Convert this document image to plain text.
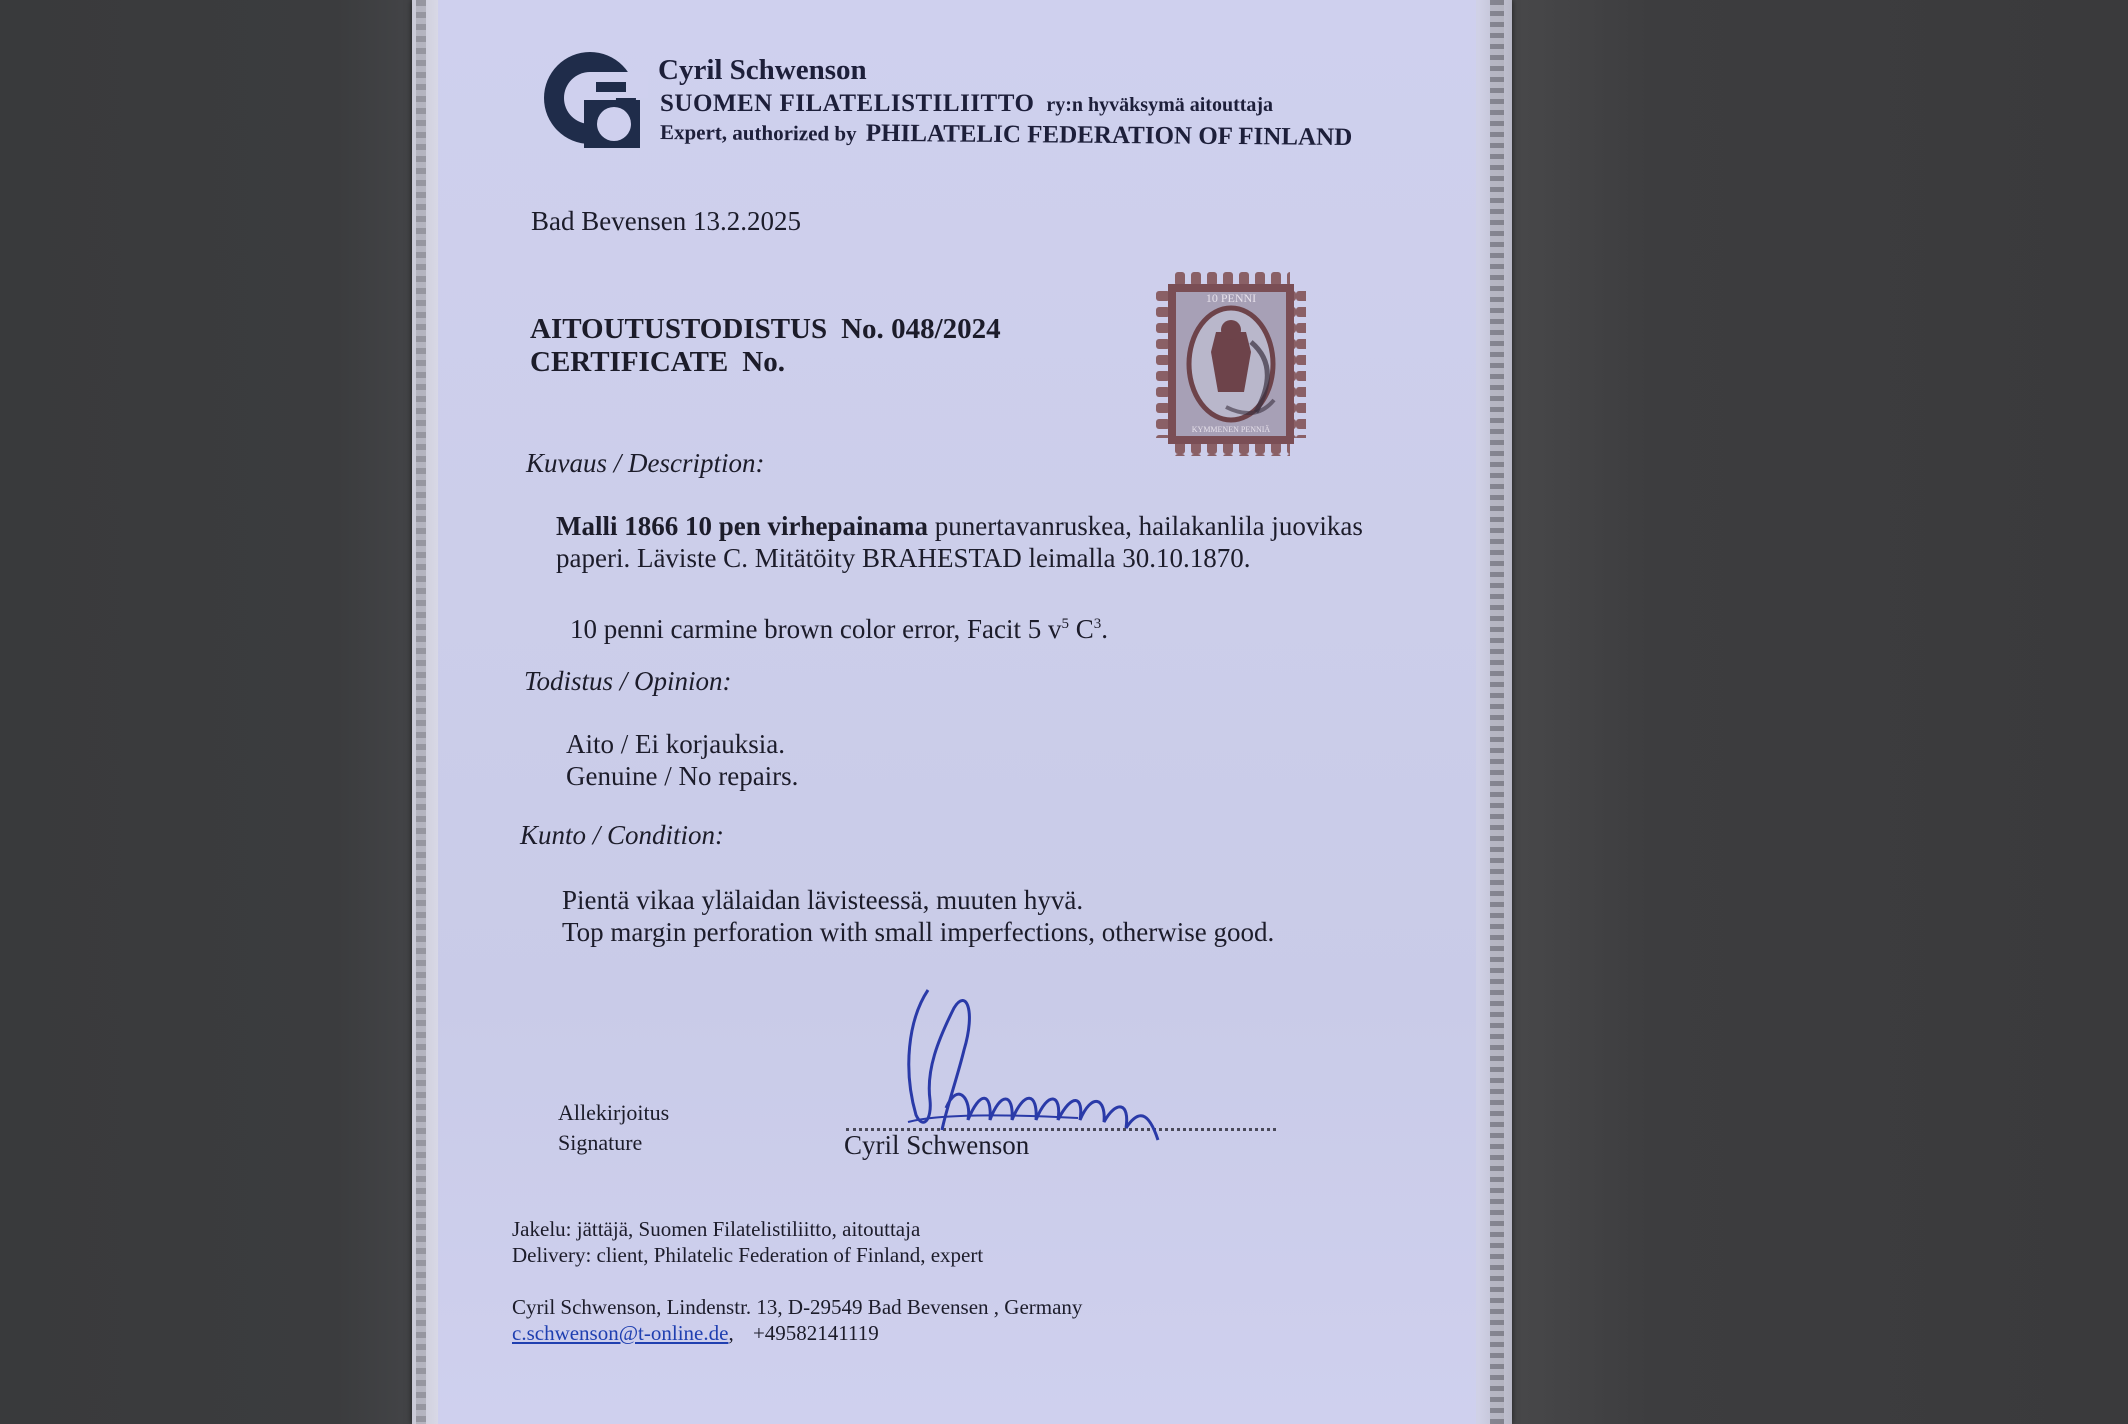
Cyril Schwenson
SUOMEN FILATELISTILIITTO ry:n hyväksymä aitouttaja
Expert, authorized by PHILATELIC FEDERATION OF FINLAND
Bad Bevensen 13.2.2025
AITOUTUSTODISTUS No. 048/2024
CERTIFICATE No.
10 PENNI
KYMMENEN PENNIÄ
Kuvaus / Description:
Malli 1866 10 pen virhepainama punertavanruskea, hailakanlila juovikas
paperi. Läviste C. Mitätöity BRAHESTAD leimalla 30.10.1870.
10 penni carmine brown color error, Facit 5 $v^5$ $C^3$.
Todistus / Opinion:
Aito / Ei korjauksia.
Genuine / No repairs.
Kunto / Condition:
Pientä vikaa ylälaidan lävisteessä, muuten hyvä.
Top margin perforation with small imperfections, otherwise good.
Allekirjoitus
Signature	Cyril Schwenson
Jakelu: jättäjä, Suomen Filatelistiliitto, aitouttaja
Delivery: client, Philatelic Federation of Finland, expert
Cyril Schwenson, Lindenstr. 13, D-29549 Bad Bevensen , Germany
c.schwenson@t-online.de, +49582141119
